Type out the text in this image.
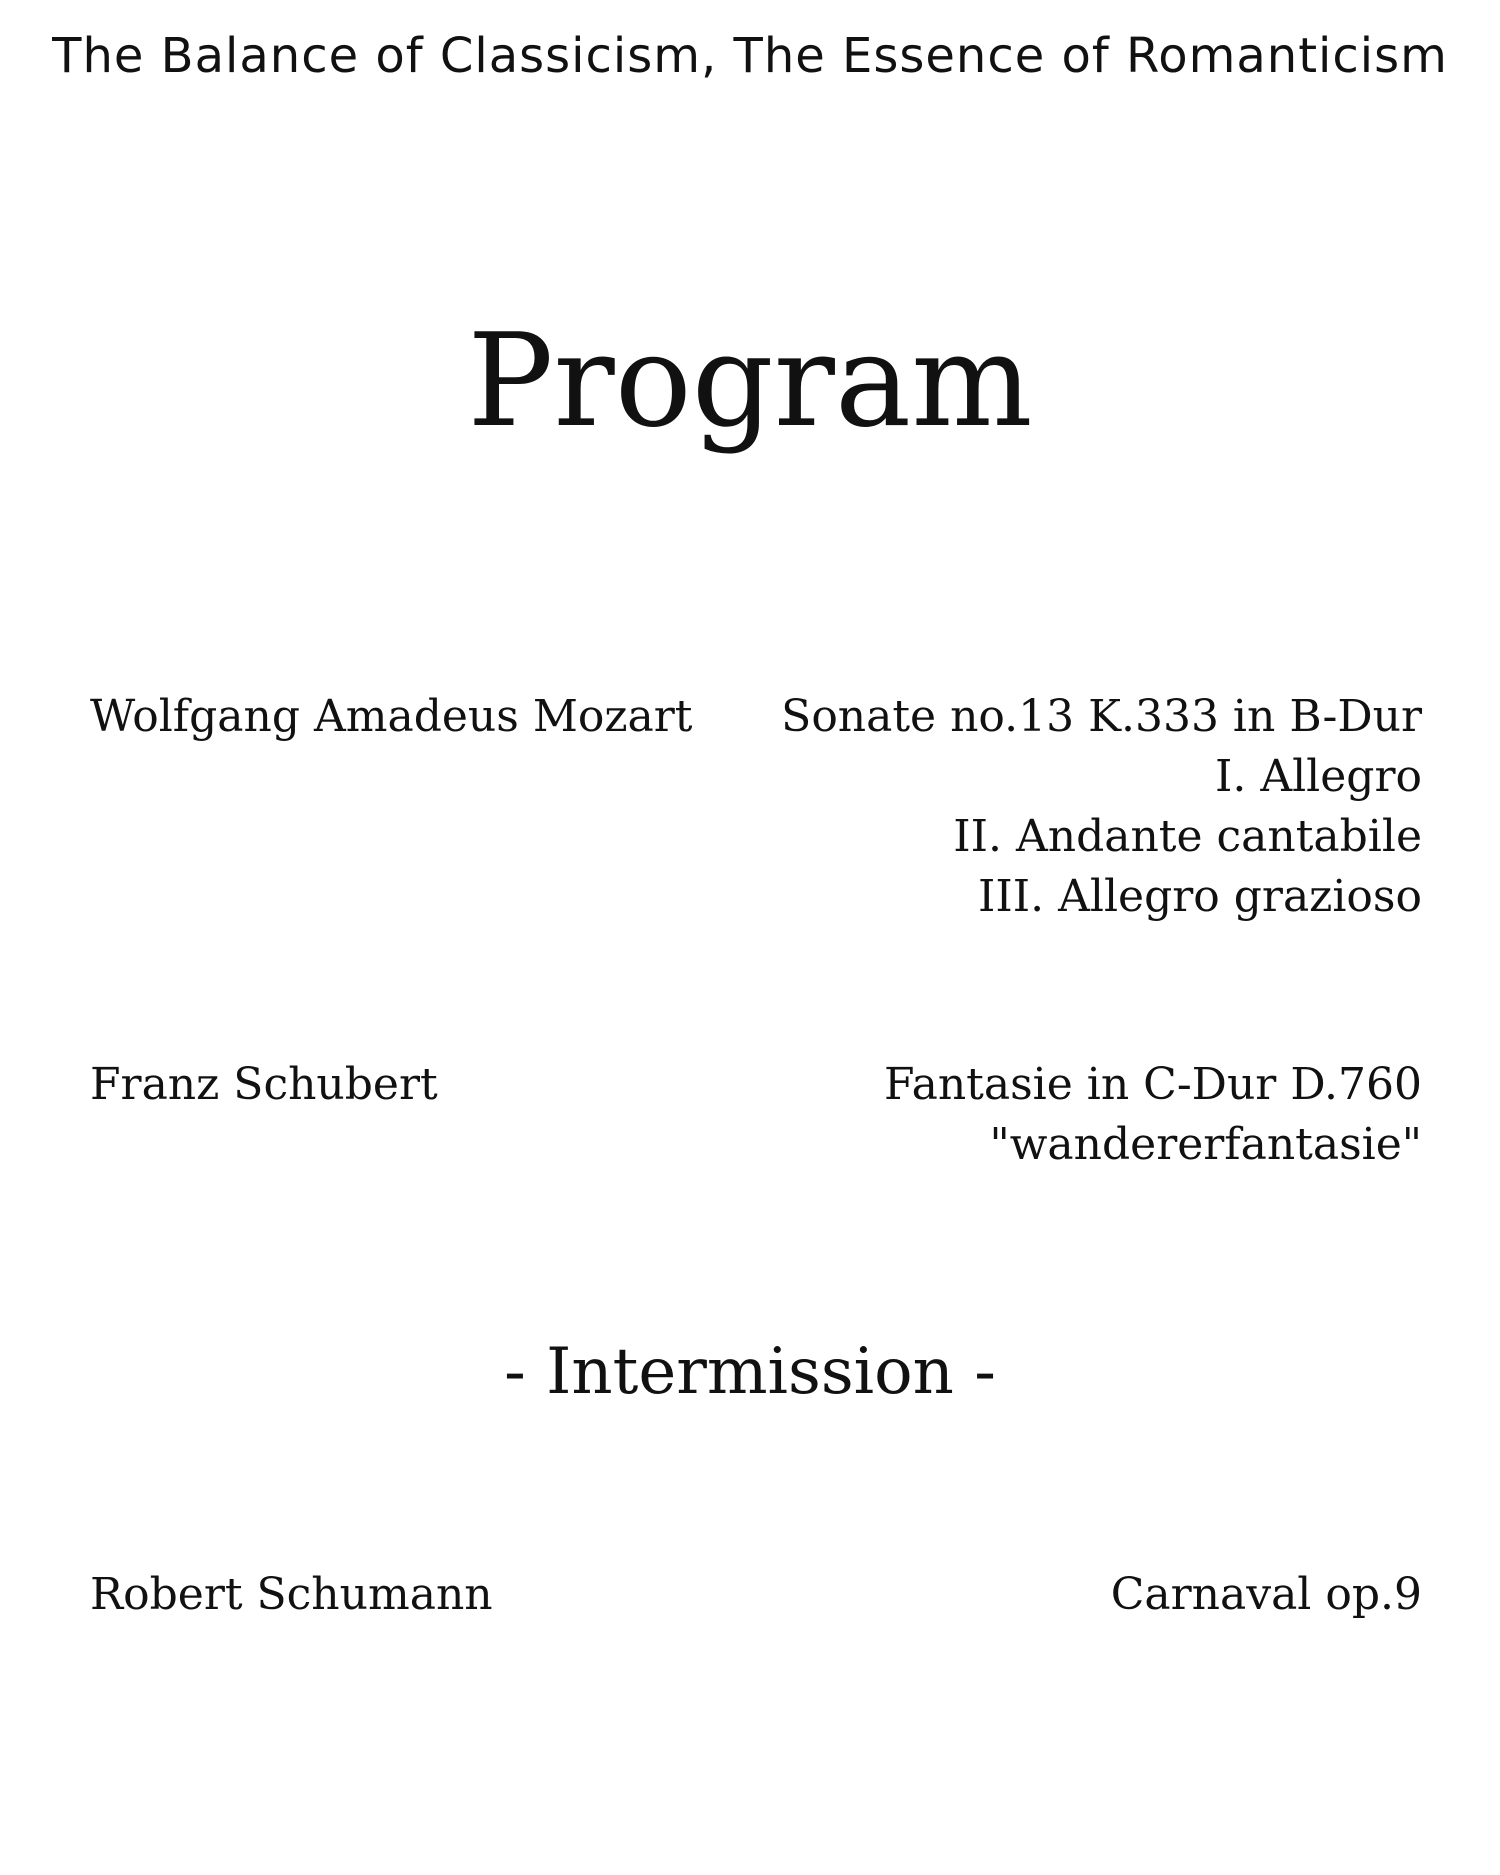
The Balance of Classicism, The Essence of Romanticism
Program
Wolfgang Amadeus Mozart Sonate no.13 K.333 in B-Dur
I. Allegro
II. Andante cantabile
III. Allegro grazioso
Franz Schubert	Fantasie in C-Dur D.760
"wandererfantasie"
- Intermission -
Robert Schumann	Carnaval op.9
